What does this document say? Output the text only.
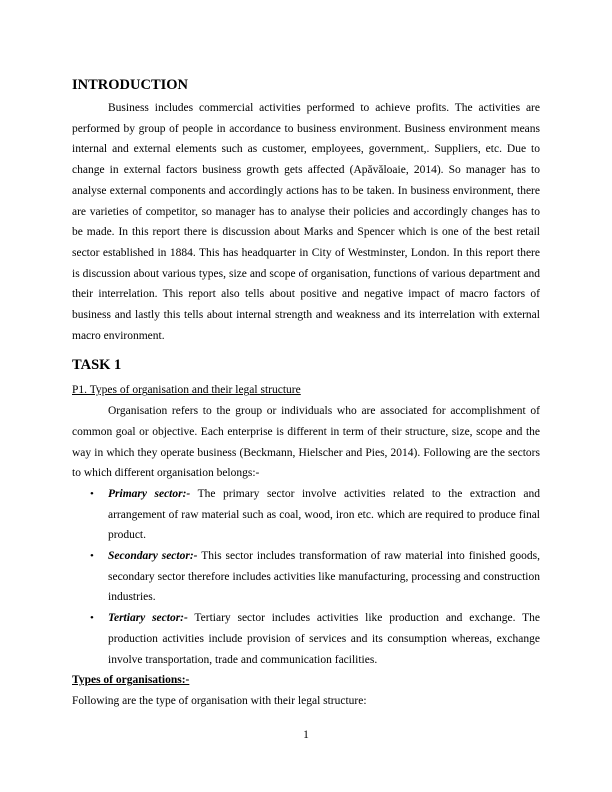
INTRODUCTION

Business includes commercial activities performed to achieve profits. The activities are performed by group of people in accordance to business environment. Business environment means internal and external elements such as customer, employees, government,. Suppliers, etc. Due to change in external factors business growth gets affected (Apăvăloaie, 2014). So manager has to analyse external components and accordingly actions has to be taken. In business environment, there are varieties of competitor, so manager has to analyse their policies and accordingly changes has to be made. In this report there is discussion about Marks and Spencer which is one of the best retail sector established in 1884. This has headquarter in City of Westminster, London. In this report there is discussion about various types, size and scope of organisation, functions of various department and their interrelation. This report also tells about positive and negative impact of macro factors of business and lastly this tells about internal strength and weakness and its interrelation with external macro environment.

TASK 1

P1. Types of organisation and their legal structure

Organisation refers to the group or individuals who are associated for accomplishment of common goal or objective. Each enterprise is different in term of their structure, size, scope and the way in which they operate business (Beckmann, Hielscher and Pies, 2014). Following are the sectors to which different organisation belongs:-

• Primary sector:- The primary sector involve activities related to the extraction and arrangement of raw material such as coal, wood, iron etc. which are required to produce final product.
• Secondary sector:- This sector includes transformation of raw material into finished goods, secondary sector therefore includes activities like manufacturing, processing and construction industries.
• Tertiary sector:- Tertiary sector includes activities like production and exchange. The production activities include provision of services and its consumption whereas, exchange involve transportation, trade and communication facilities.

Types of organisations:-

Following are the type of organisation with their legal structure:

1
